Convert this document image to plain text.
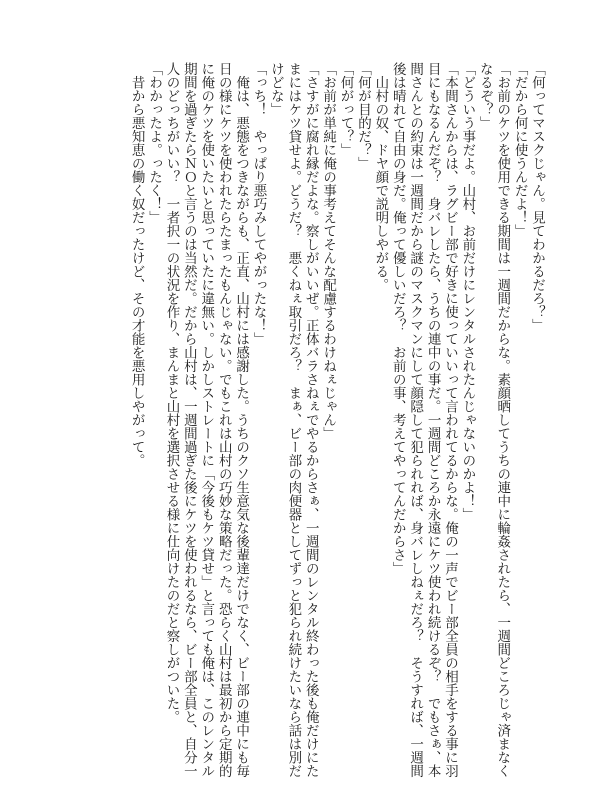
「何ってマスクじゃん。見てわかるだろ？」
「だから何に使うんだよ！」
「お前のケツを使用できる期間は一週間だからな。素顔晒してうちの連中に輪姦されたら、一週間どころじゃ済まなく
なるぞ？」
「どういう事だよ。山村、お前だけにレンタルされたんじゃないのかよ！」
「本間さんからは、ラグビー部で好きに使っていいって言われてるからな。俺の一声でビー部全員の相手をする事に羽
目にもなるんだぞ？　身バレしたら、うちの連中の事だ。一週間どころか永遠にケツ使われ続けるぞ？　でもさぁ、本
間さんとの約束は一週間だから謎のマスクマンにして顔隠して犯られれば、身バレしねぇだろ？　そうすれば、一週間
後は晴れて自由の身だ。俺って優しいだろ？　お前の事、考えてやってんだからさ」
　山村の奴、ドヤ顔で説明しやがる。
「何が目的だ？」
「何がって？」
「お前が単純に俺の事考えてそんな配慮するわけねぇじゃん」
「さすがに腐れ縁だよな。察しがいいぜ。正体バラさねぇでやるからさぁ、一週間のレンタル終わった後も俺だけにた
まにはケツ貸せよ。どうだ？　悪くねぇ取引だろ？　まぁ、ビー部の肉便器としてずっと犯られ続けたいなら話は別だ
けどな」
「っち！　やっぱり悪巧みしてやがったな！」
　俺は、悪態をつきながらも、正直、山村には感謝した。うちのクソ生意気な後輩達だけでなく、ビー部の連中にも毎
日の様にケツを使われたらたまったもんじゃない。でもこれは山村の巧妙な策略だった。恐らく山村は最初から定期的
に俺のケツを使いたいと思っていたに違無い。しかしストレートに「今後もケツ貸せ」と言っても俺は、このレンタル
期間を過ぎたらＮＯと言うのは当然だ。だから山村は、一週間過ぎた後にケツを使われるなら、ビー部全員と、自分一
人のどっちがいい？　一者択一の状況を作り、まんまと山村を選択させる様に仕向けたのだと察しがついた。
「わかったよ。ったく！」
　昔から悪知恵の働く奴だったけど、その才能を悪用しやがって。
